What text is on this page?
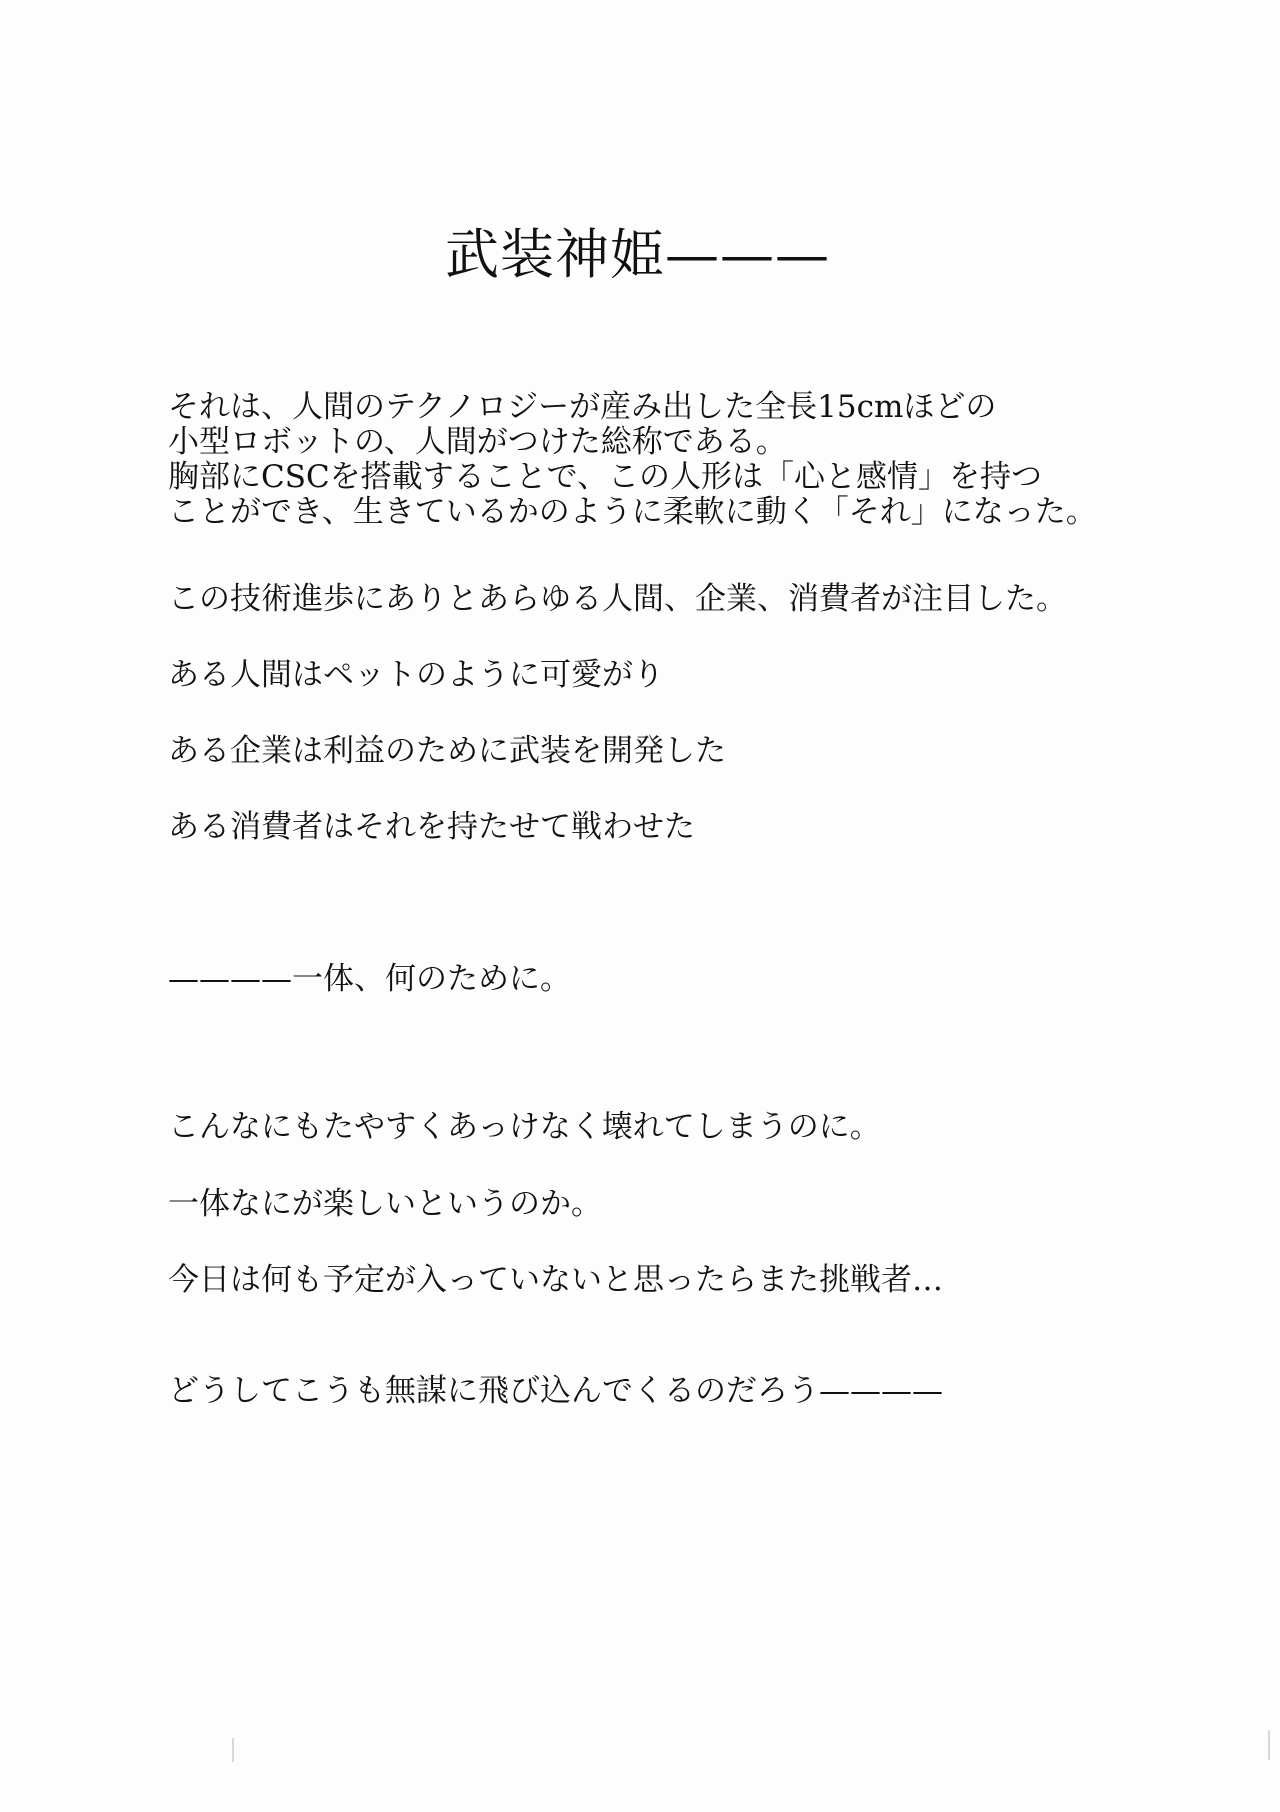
武装神姫———
それは、人間のテクノロジーが産み出した全長15cmほどの
小型ロボットの、人間がつけた総称である。
胸部にCSCを搭載することで、この人形は「心と感情」を持つ
ことができ、生きているかのように柔軟に動く「それ」になった。
この技術進歩にありとあらゆる人間、企業、消費者が注目した。
ある人間はペットのように可愛がり
ある企業は利益のために武装を開発した
ある消費者はそれを持たせて戦わせた
————一体、何のために。
こんなにもたやすくあっけなく壊れてしまうのに。
一体なにが楽しいというのか。
今日は何も予定が入っていないと思ったらまた挑戦者…
どうしてこうも無謀に飛び込んでくるのだろう————
